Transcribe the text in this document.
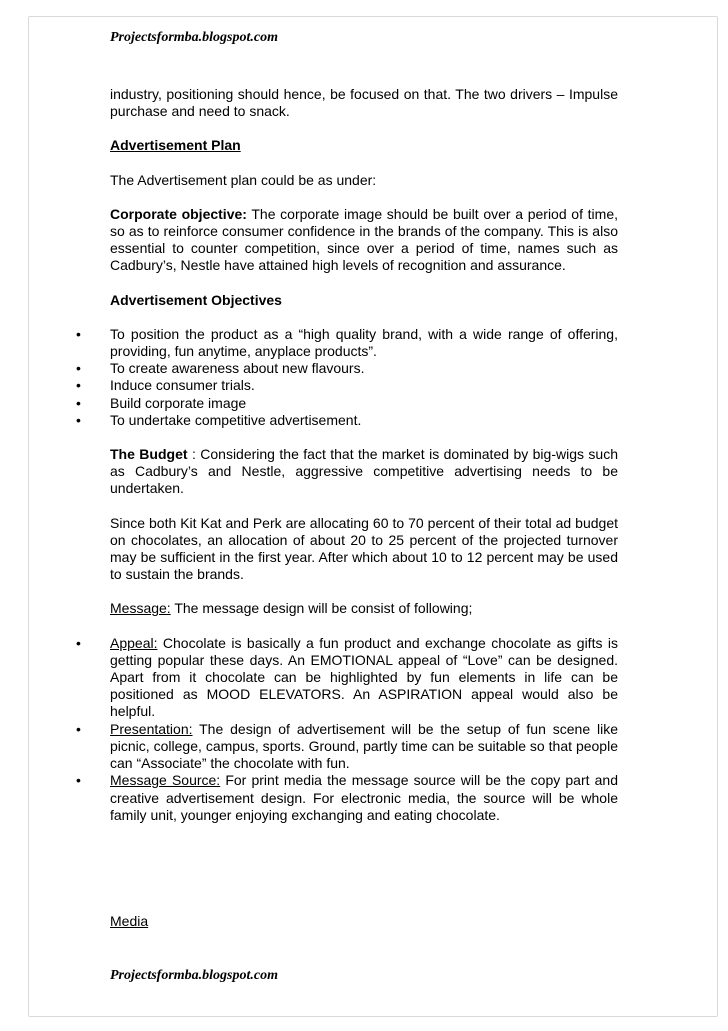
Projectsformba.blogspot.com

industry, positioning should hence, be focused on that. The two drivers – Impulse purchase and need to snack.

Advertisement Plan

The Advertisement plan could be as under:

Corporate objective: The corporate image should be built over a period of time, so as to reinforce consumer confidence in the brands of the company. This is also essential to counter competition, since over a period of time, names such as Cadbury’s, Nestle have attained high levels of recognition and assurance.

Advertisement Objectives

• To position the product as a “high quality brand, with a wide range of offering, providing, fun anytime, anyplace products”.
• To create awareness about new flavours.
• Induce consumer trials.
• Build corporate image
• To undertake competitive advertisement.

The Budget : Considering the fact that the market is dominated by big-wigs such as Cadbury’s and Nestle, aggressive competitive advertising needs to be undertaken.

Since both Kit Kat and Perk are allocating 60 to 70 percent of their total ad budget on chocolates, an allocation of about 20 to 25 percent of the projected turnover may be sufficient in the first year. After which about 10 to 12 percent may be used to sustain the brands.

Message: The message design will be consist of following;

• Appeal: Chocolate is basically a fun product and exchange chocolate as gifts is getting popular these days. An EMOTIONAL appeal of “Love” can be designed. Apart from it chocolate can be highlighted by fun elements in life can be positioned as MOOD ELEVATORS. An ASPIRATION appeal would also be helpful.
• Presentation: The design of advertisement will be the setup of fun scene like picnic, college, campus, sports. Ground, partly time can be suitable so that people can “Associate” the chocolate with fun.
• Message Source: For print media the message source will be the copy part and creative advertisement design. For electronic media, the source will be whole family unit, younger enjoying exchanging and eating chocolate.
Media
Projectsformba.blogspot.com
